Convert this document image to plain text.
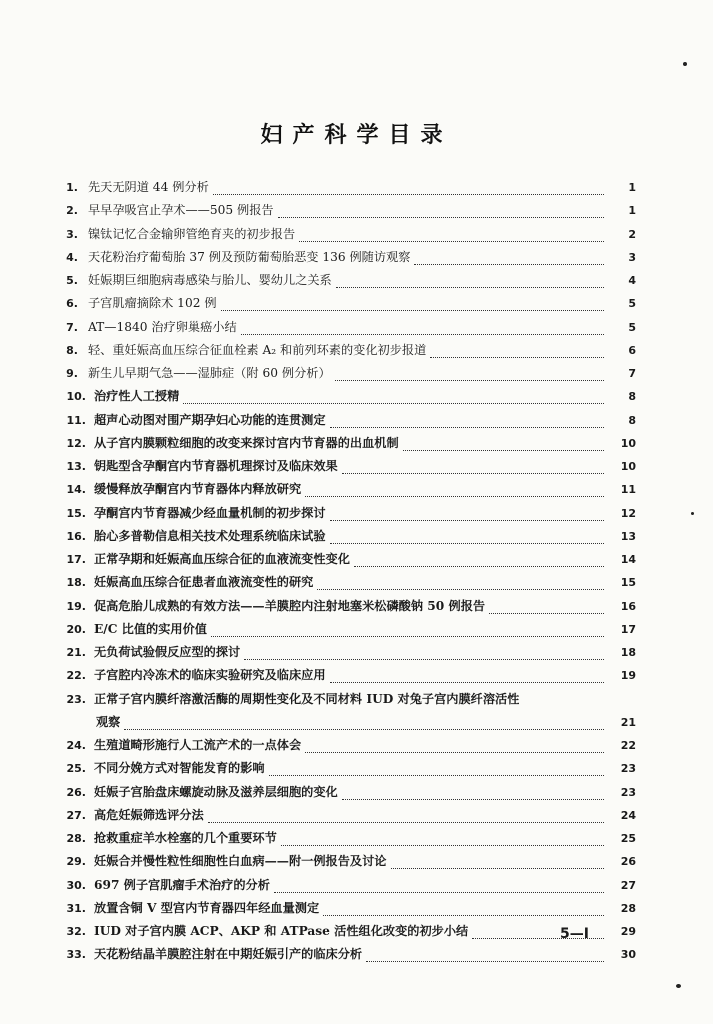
妇产科学目录
1. 先天无阴道 44 例分析	1
2. 早早孕吸宫止孕术——505 例报告	1
3. 镍钛记忆合金输卵管绝育夹的初步报告	2
4. 天花粉治疗葡萄胎 37 例及预防葡萄胎恶变 136 例随访观察	3
5. 妊娠期巨细胞病毒感染与胎儿、婴幼儿之关系	4
6. 子宫肌瘤摘除术 102 例	5
7. AT—1840 治疗卵巢癌小结	5
8. 轻、重妊娠高血压综合征血栓素 A₂ 和前列环素的变化初步报道	6
9. 新生儿早期气急——湿肺症（附 60 例分析）	7
10. 治疗性人工授精	8
11. 超声心动图对围产期孕妇心功能的连贯测定	8
12. 从子宫内膜颗粒细胞的改变来探讨宫内节育器的出血机制	10
13. 钥匙型含孕酮宫内节育器机理探讨及临床效果	10
14. 缓慢释放孕酮宫内节育器体内释放研究	11
15. 孕酮宫内节育器减少经血量机制的初步探讨	12
16. 胎心多普勒信息相关技术处理系统临床试验	13
17. 正常孕期和妊娠高血压综合征的血液流变性变化	14
18. 妊娠高血压综合征患者血液流变性的研究	15
19. 促高危胎儿成熟的有效方法——羊膜腔内注射地塞米松磷酸钠 50 例报告	16
20. E/C 比值的实用价值	17
21. 无负荷试验假反应型的探讨	18
22. 子宫腔内冷冻术的临床实验研究及临床应用	19
23. 正常子宫内膜纤溶激活酶的周期性变化及不同材料 IUD 对兔子宫内膜纤溶活性
观察	21
24. 生殖道畸形施行人工流产术的一点体会	22
25. 不同分娩方式对智能发育的影响	23
26. 妊娠子宫胎盘床螺旋动脉及滋养层细胞的变化	23
27. 高危妊娠筛选评分法	24
28. 抢救重症羊水栓塞的几个重要环节	25
29. 妊娠合并慢性粒性细胞性白血病——附一例报告及讨论	26
30. 697 例子宫肌瘤手术治疗的分析	27
31. 放置含铜 V 型宫内节育器四年经血量测定	28
32. IUD 对子宫内膜 ACP、AKP 和 ATPase 活性组化改变的初步小结	29
33. 天花粉结晶羊膜腔注射在中期妊娠引产的临床分析	30
5—I
